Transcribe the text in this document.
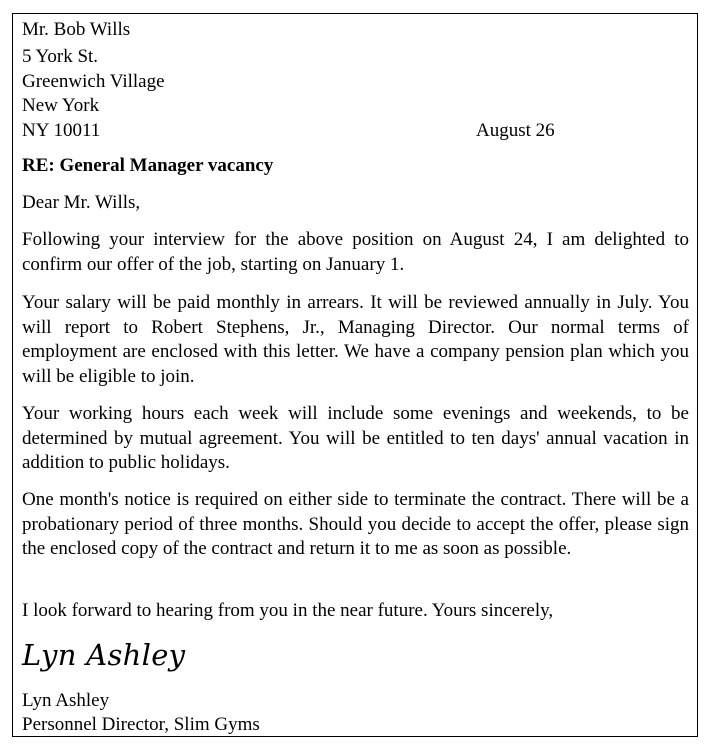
Mr. Bob Wills
5 York St.
Greenwich Village
New York
NY 10011	August 26
RE: General Manager vacancy
Dear Mr. Wills,
Following your interview for the above position on August 24, I am delighted to confirm our offer of the job, starting on January 1.
Your salary will be paid monthly in arrears. It will be reviewed annually in July. You will report to Robert Stephens, Jr., Managing Director. Our normal terms of employment are enclosed with this letter. We have a company pension plan which you will be eligible to join.
Your working hours each week will include some evenings and weekends, to be determined by mutual agreement. You will be entitled to ten days' annual vacation in addition to public holidays.
One month's notice is required on either side to terminate the contract. There will be a probationary period of three months. Should you decide to accept the offer, please sign the enclosed copy of the contract and return it to me as soon as possible.
I look forward to hearing from you in the near future. Yours sincerely,
Lyn Ashley
Lyn Ashley
Personnel Director, Slim Gyms
